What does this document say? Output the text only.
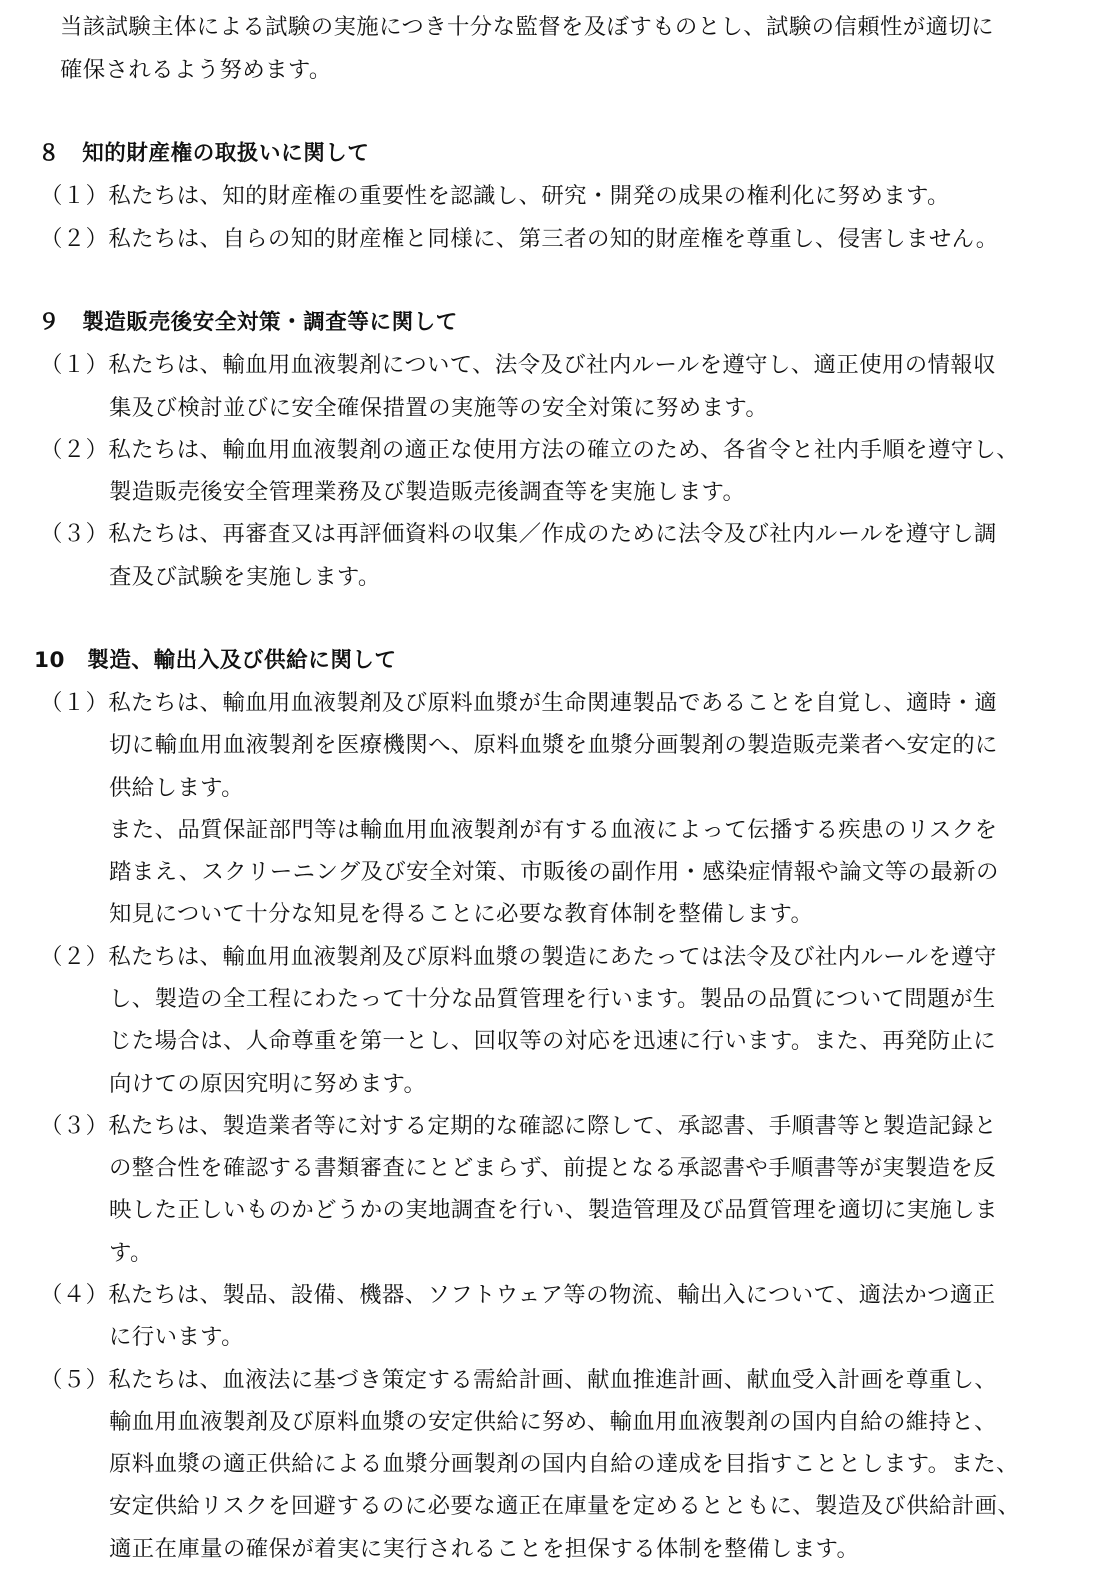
当該試験主体による試験の実施につき十分な監督を及ぼすものとし、試験の信頼性が適切に
確保されるよう努めます。
８　知的財産権の取扱いに関して
（１）私たちは、知的財産権の重要性を認識し、研究・開発の成果の権利化に努めます。
（２）私たちは、自らの知的財産権と同様に、第三者の知的財産権を尊重し、侵害しません。
９　製造販売後安全対策・調査等に関して
（１）私たちは、輸血用血液製剤について、法令及び社内ルールを遵守し、適正使用の情報収
集及び検討並びに安全確保措置の実施等の安全対策に努めます。
（２）私たちは、輸血用血液製剤の適正な使用方法の確立のため、各省令と社内手順を遵守し、
製造販売後安全管理業務及び製造販売後調査等を実施します。
（３）私たちは、再審査又は再評価資料の収集／作成のために法令及び社内ルールを遵守し調
査及び試験を実施します。
10　製造、輸出入及び供給に関して
（１）私たちは、輸血用血液製剤及び原料血漿が生命関連製品であることを自覚し、適時・適
切に輸血用血液製剤を医療機関へ、原料血漿を血漿分画製剤の製造販売業者へ安定的に
供給します。
また、品質保証部門等は輸血用血液製剤が有する血液によって伝播する疾患のリスクを
踏まえ、スクリーニング及び安全対策、市販後の副作用・感染症情報や論文等の最新の
知見について十分な知見を得ることに必要な教育体制を整備します。
（２）私たちは、輸血用血液製剤及び原料血漿の製造にあたっては法令及び社内ルールを遵守
し、製造の全工程にわたって十分な品質管理を行います。製品の品質について問題が生
じた場合は、人命尊重を第一とし、回収等の対応を迅速に行います。また、再発防止に
向けての原因究明に努めます。
（３）私たちは、製造業者等に対する定期的な確認に際して、承認書、手順書等と製造記録と
の整合性を確認する書類審査にとどまらず、前提となる承認書や手順書等が実製造を反
映した正しいものかどうかの実地調査を行い、製造管理及び品質管理を適切に実施しま
す。
（４）私たちは、製品、設備、機器、ソフトウェア等の物流、輸出入について、適法かつ適正
に行います。
（５）私たちは、血液法に基づき策定する需給計画、献血推進計画、献血受入計画を尊重し、
輸血用血液製剤及び原料血漿の安定供給に努め、輸血用血液製剤の国内自給の維持と、
原料血漿の適正供給による血漿分画製剤の国内自給の達成を目指すこととします。また、
安定供給リスクを回避するのに必要な適正在庫量を定めるとともに、製造及び供給計画、
適正在庫量の確保が着実に実行されることを担保する体制を整備します。
